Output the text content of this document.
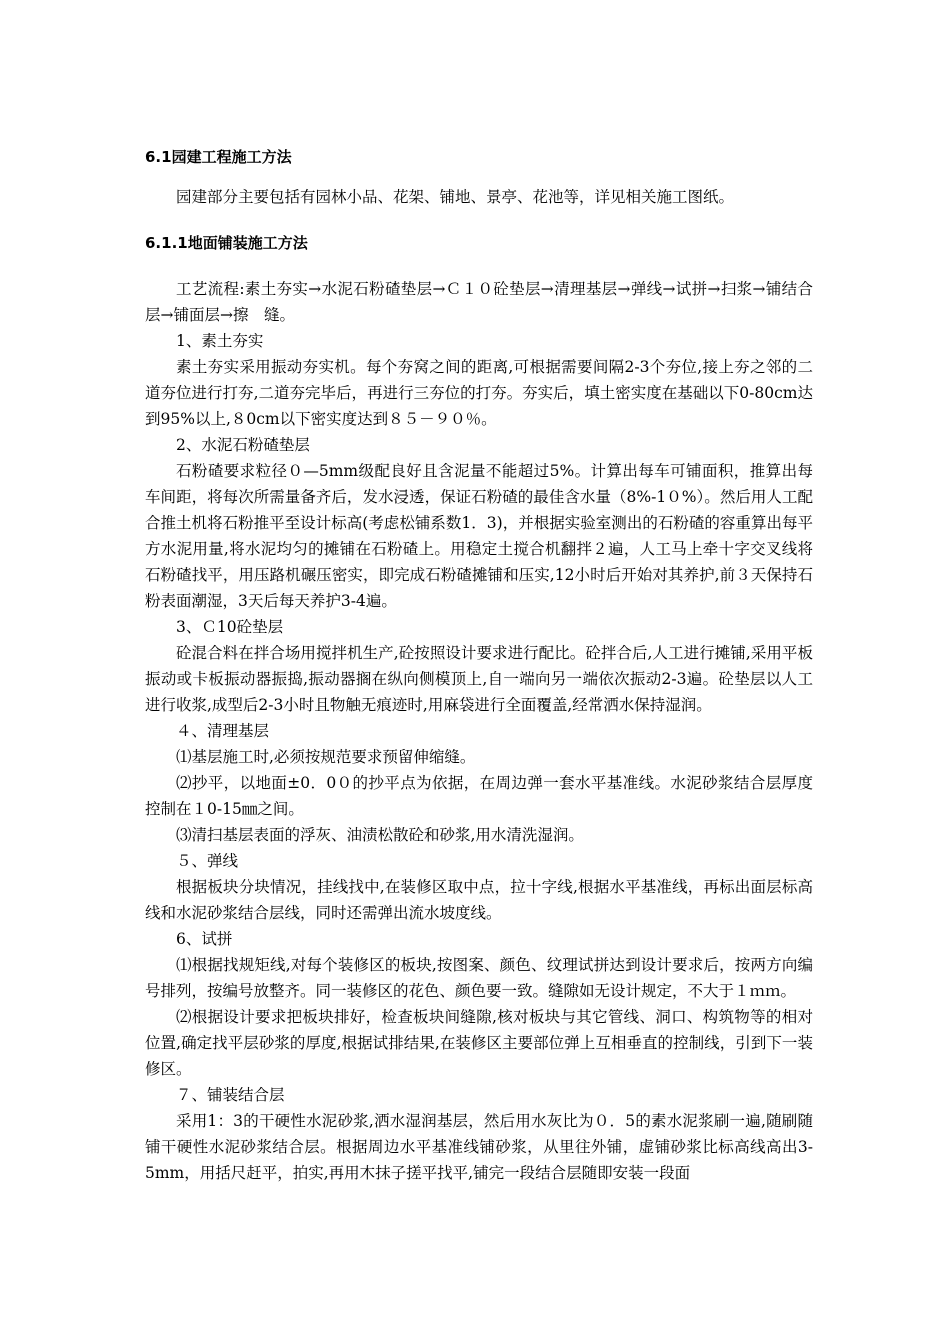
6.1园建工程施工方法

园建部分主要包括有园林小品、花架、铺地、景亭、花池等，详见相关施工图纸。

6.1.1地面铺装施工方法

工艺流程:素土夯实→水泥石粉碴垫层→Ｃ１０砼垫层→清理基层→弹线→试拼→扫浆→铺结合层→铺面层→擦　缝。

1、素土夯实

素土夯实采用振动夯实机。每个夯窝之间的距离,可根据需要间隔2-3个夯位,接上夯之邻的二道夯位进行打夯,二道夯完毕后，再进行三夯位的打夯。夯实后，填土密实度在基础以下0-80cm达到95%以上,８0cm以下密实度达到８５－９０％。

2、水泥石粉碴垫层

石粉碴要求粒径０—5mm级配良好且含泥量不能超过5%。计算出每车可铺面积，推算出每车间距，将每次所需量备齐后，发水浸透，保证石粉碴的最佳含水量（8%-1０%）。然后用人工配合推土机将石粉推平至设计标高(考虑松铺系数1．3)，并根据实验室测出的石粉碴的容重算出每平方水泥用量,将水泥均匀的摊铺在石粉碴上。用稳定土搅合机翻拌２遍，人工马上牵十字交叉线将石粉碴找平，用压路机碾压密实，即完成石粉碴摊铺和压实,12小时后开始对其养护,前３天保持石粉表面潮湿，3天后每天养护3-4遍。

3、Ｃ10砼垫层

砼混合料在拌合场用搅拌机生产,砼按照设计要求进行配比。砼拌合后,人工进行摊铺,采用平板振动或卡板振动器振捣,振动器搁在纵向侧模顶上,自一端向另一端依次振动2-3遍。砼垫层以人工进行收浆,成型后2-3小时且物触无痕迹时,用麻袋进行全面覆盖,经常洒水保持湿润。

４、清理基层

⑴基层施工时,必须按规范要求预留伸缩缝。

⑵抄平，以地面±0．0０的抄平点为依据，在周边弹一套水平基准线。水泥砂浆结合层厚度控制在１0-15㎜之间。

⑶清扫基层表面的浮灰、油渍松散砼和砂浆,用水清洗湿润。

５、弹线

根据板块分块情况，挂线找中,在装修区取中点，拉十字线,根据水平基准线，再标出面层标高线和水泥砂浆结合层线，同时还需弹出流水坡度线。

6、试拼

⑴根据找规矩线,对每个装修区的板块,按图案、颜色、纹理试拼达到设计要求后，按两方向编号排列，按编号放整齐。同一装修区的花色、颜色要一致。缝隙如无设计规定，不大于１ｍｍ。

⑵根据设计要求把板块排好，检查板块间缝隙,核对板块与其它管线、洞口、构筑物等的相对位置,确定找平层砂浆的厚度,根据试排结果,在装修区主要部位弹上互相垂直的控制线，引到下一装修区。

７、铺装结合层

采用1：3的干硬性水泥砂浆,洒水湿润基层，然后用水灰比为０．5的素水泥浆刷一遍,随刷随铺干硬性水泥砂浆结合层。根据周边水平基准线铺砂浆，从里往外铺，虚铺砂浆比标高线高出3-5mm，用括尺赶平，拍实,再用木抹子搓平找平,铺完一段结合层随即安装一段面
